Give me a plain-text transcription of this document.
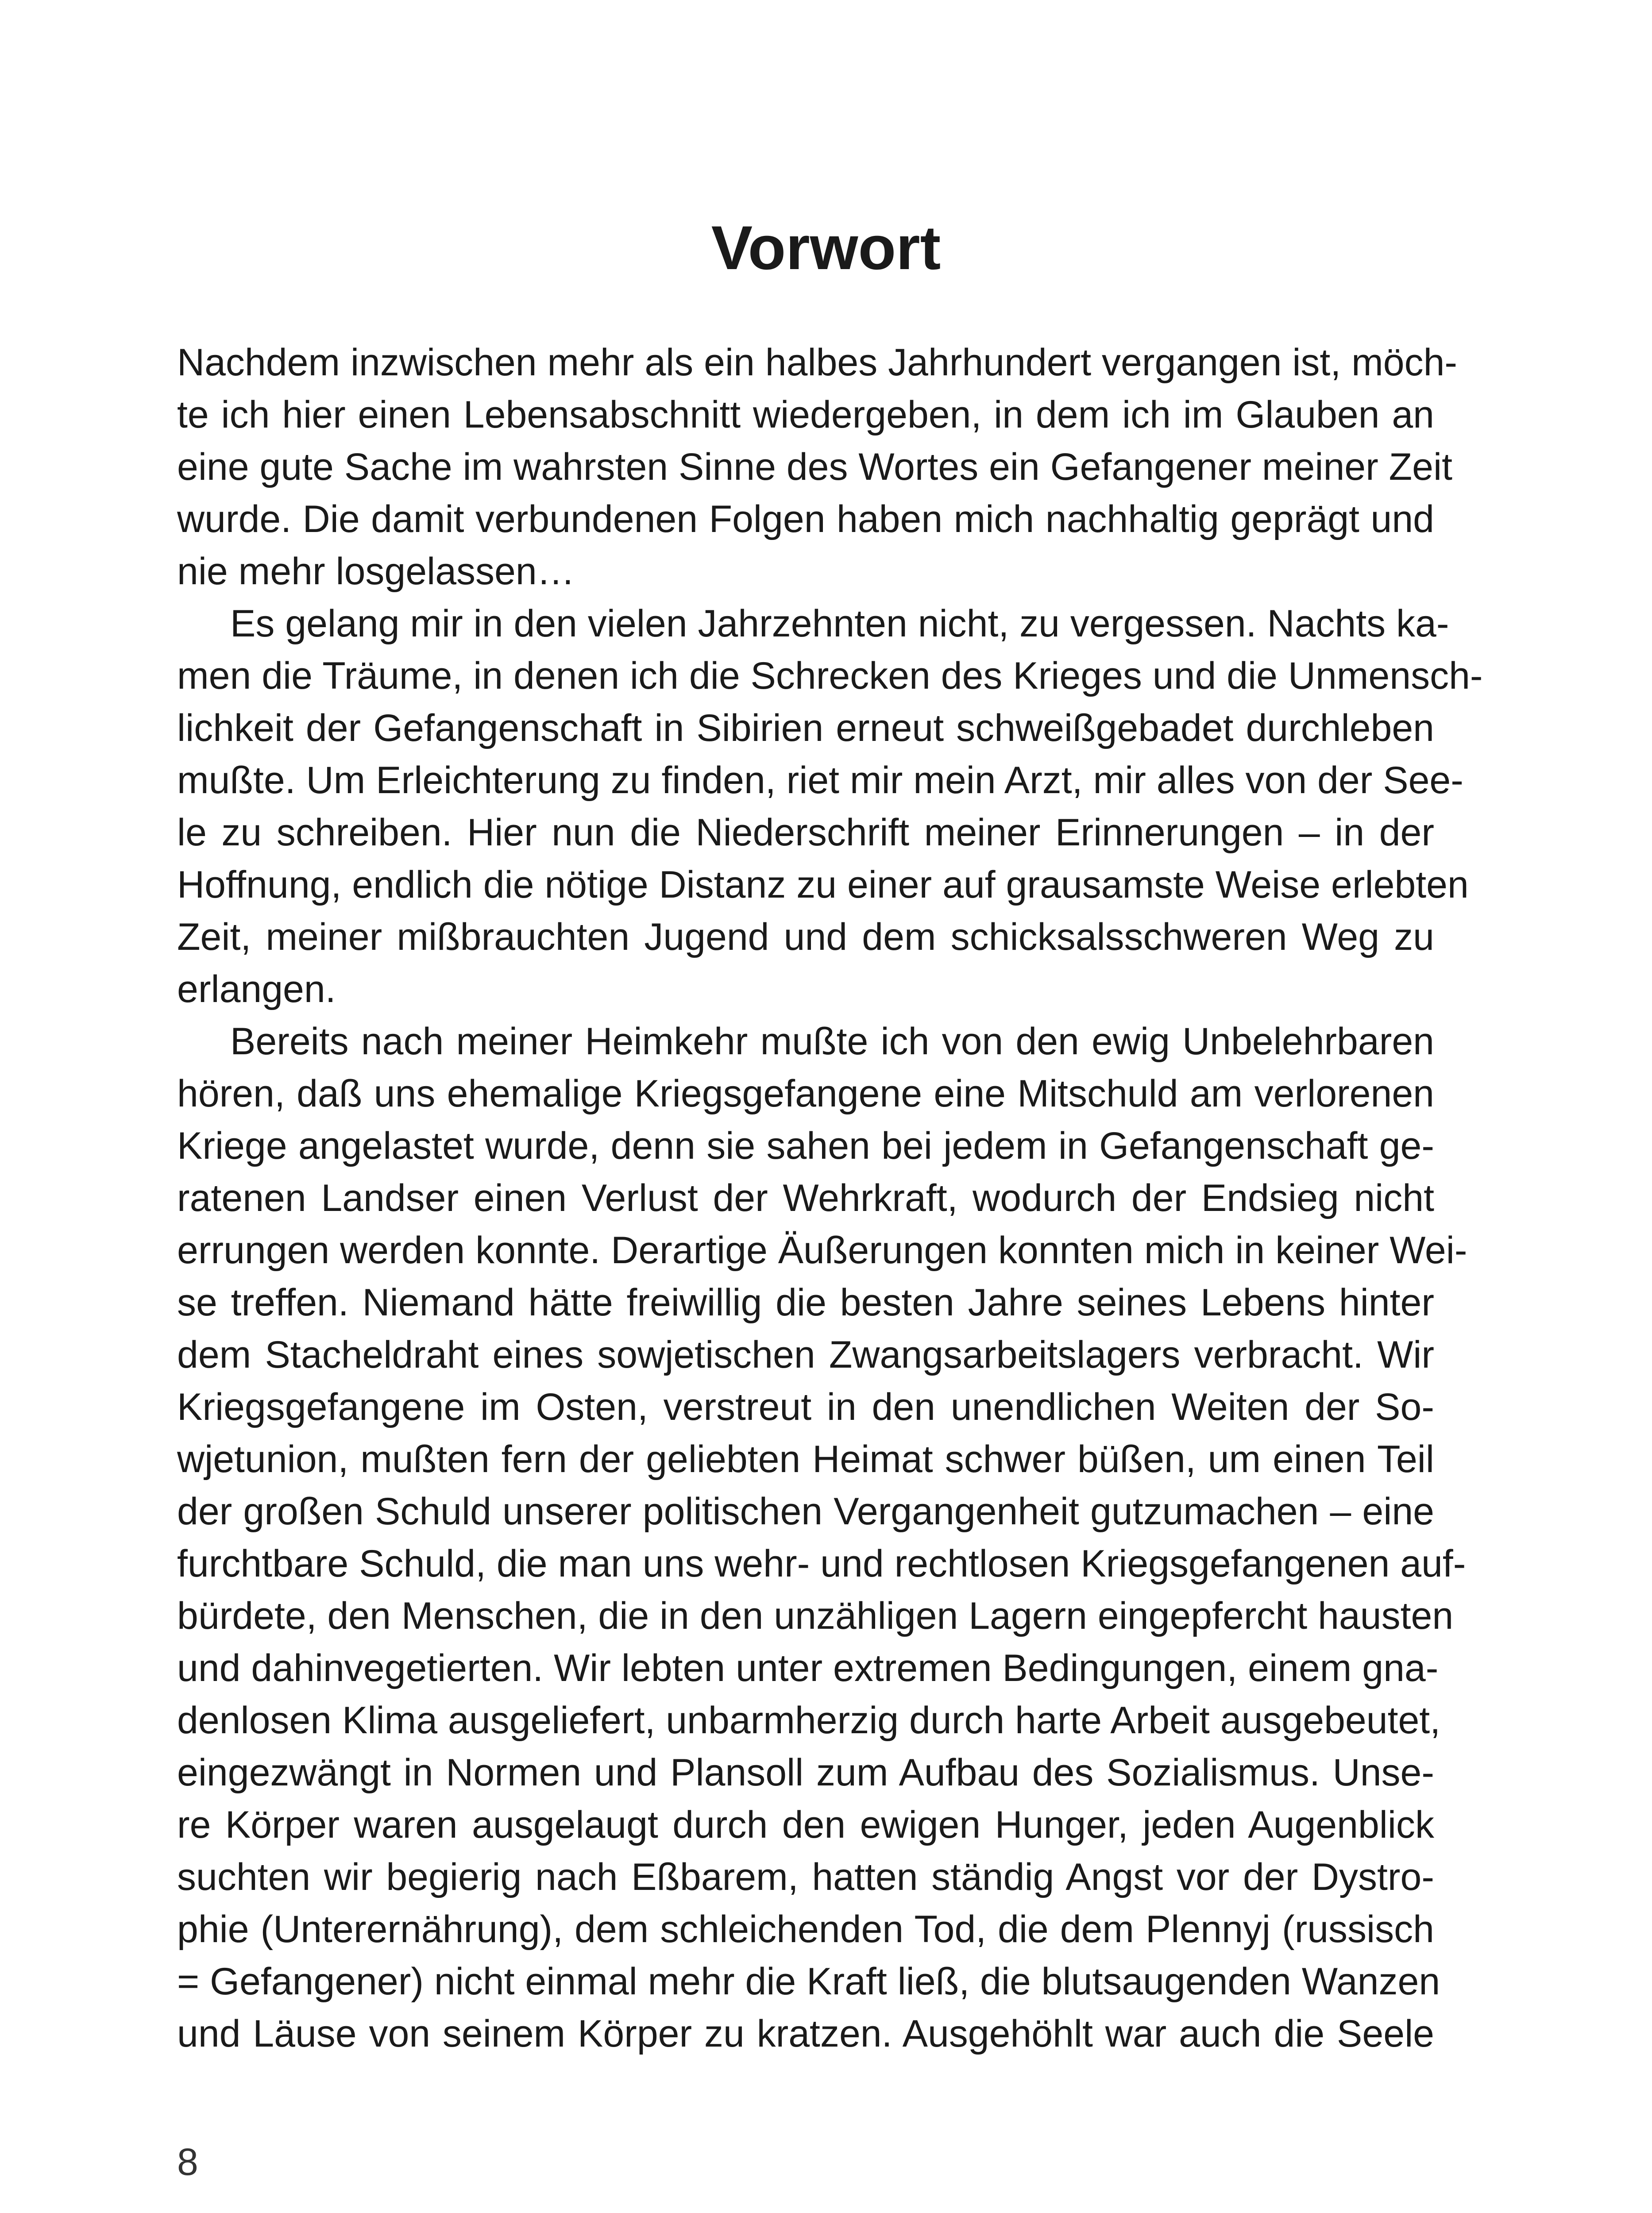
Vorwort
Nachdem inzwischen mehr als ein halbes Jahrhundert vergangen ist, möch-
te ich hier einen Lebensabschnitt wiedergeben, in dem ich im Glauben an
eine gute Sache im wahrsten Sinne des Wortes ein Gefangener meiner Zeit
wurde. Die damit verbundenen Folgen haben mich nachhaltig geprägt und
nie mehr losgelassen…
Es gelang mir in den vielen Jahrzehnten nicht, zu vergessen. Nachts ka-
men die Träume, in denen ich die Schrecken des Krieges und die Unmensch-
lichkeit der Gefangenschaft in Sibirien erneut schweißgebadet durchleben
mußte. Um Erleichterung zu finden, riet mir mein Arzt, mir alles von der See-
le zu schreiben. Hier nun die Niederschrift meiner Erinnerungen – in der
Hoffnung, endlich die nötige Distanz zu einer auf grausamste Weise erlebten
Zeit, meiner mißbrauchten Jugend und dem schicksalsschweren Weg zu
erlangen.
Bereits nach meiner Heimkehr mußte ich von den ewig Unbelehrbaren
hören, daß uns ehemalige Kriegsgefangene eine Mitschuld am verlorenen
Kriege angelastet wurde, denn sie sahen bei jedem in Gefangenschaft ge-
ratenen Landser einen Verlust der Wehrkraft, wodurch der Endsieg nicht
errungen werden konnte. Derartige Äußerungen konnten mich in keiner Wei-
se treffen. Niemand hätte freiwillig die besten Jahre seines Lebens hinter
dem Stacheldraht eines sowjetischen Zwangsarbeitslagers verbracht. Wir
Kriegsgefangene im Osten, verstreut in den unendlichen Weiten der So-
wjetunion, mußten fern der geliebten Heimat schwer büßen, um einen Teil
der großen Schuld unserer politischen Vergangenheit gutzumachen – eine
furchtbare Schuld, die man uns wehr- und rechtlosen Kriegsgefangenen auf-
bürdete, den Menschen, die in den unzähligen Lagern eingepfercht hausten
und dahinvegetierten. Wir lebten unter extremen Bedingungen, einem gna-
denlosen Klima ausgeliefert, unbarmherzig durch harte Arbeit ausgebeutet,
eingezwängt in Normen und Plansoll zum Aufbau des Sozialismus. Unse-
re Körper waren ausgelaugt durch den ewigen Hunger, jeden Augenblick
suchten wir begierig nach Eßbarem, hatten ständig Angst vor der Dystro-
phie (Unterernährung), dem schleichenden Tod, die dem Plennyj (russisch
= Gefangener) nicht einmal mehr die Kraft ließ, die blutsaugenden Wanzen
und Läuse von seinem Körper zu kratzen. Ausgehöhlt war auch die Seele
8
